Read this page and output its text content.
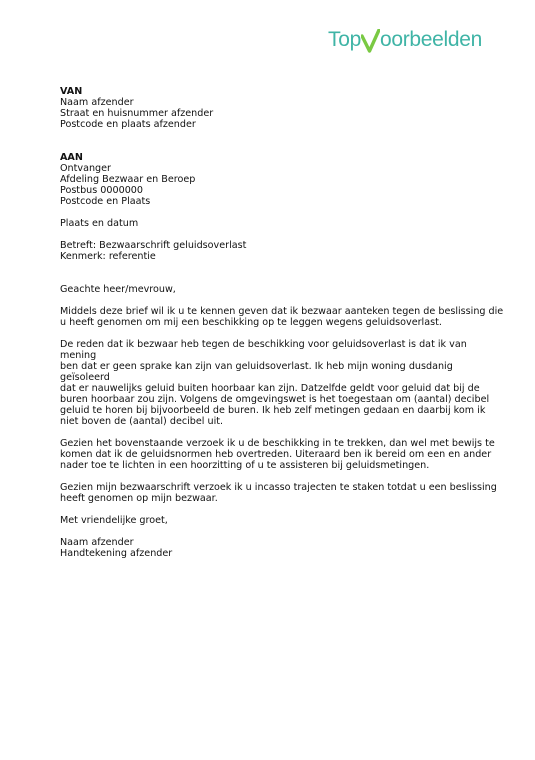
Top oorbeelden

VAN

Naam afzender

Straat en huisnummer afzender

Postcode en plaats afzender

AAN

Ontvanger

Afdeling Bezwaar en Beroep

Postbus 0000000

Postcode en Plaats

Plaats en datum

Betreft: Bezwaarschrift geluidsoverlast

Kenmerk: referentie

Geachte heer/mevrouw,

Middels deze brief wil ik u te kennen geven dat ik bezwaar aanteken tegen de beslissing die

u heeft genomen om mij een beschikking op te leggen wegens geluidsoverlast.

De reden dat ik bezwaar heb tegen de beschikking voor geluidsoverlast is dat ik van mening

ben dat er geen sprake kan zijn van geluidsoverlast. Ik heb mijn woning dusdanig geïsoleerd

dat er nauwelijks geluid buiten hoorbaar kan zijn. Datzelfde geldt voor geluid dat bij de

buren hoorbaar zou zijn. Volgens de omgevingswet is het toegestaan om (aantal) decibel

geluid te horen bij bijvoorbeeld de buren. Ik heb zelf metingen gedaan en daarbij kom ik

niet boven de (aantal) decibel uit.

Gezien het bovenstaande verzoek ik u de beschikking in te trekken, dan wel met bewijs te

komen dat ik de geluidsnormen heb overtreden. Uiteraard ben ik bereid om een en ander

nader toe te lichten in een hoorzitting of u te assisteren bij geluidsmetingen.

Gezien mijn bezwaarschrift verzoek ik u incasso trajecten te staken totdat u een beslissing

heeft genomen op mijn bezwaar.

Met vriendelijke groet,

Naam afzender

Handtekening afzender
